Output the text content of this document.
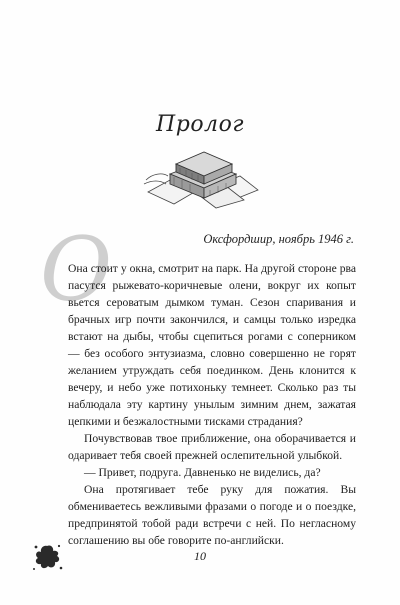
Пролог
О	Оксфордшир, ноябрь 1946 г.

Она стоит у окна, смотрит на парк. На другой стороне рва пасутся рыжевато-коричневые олени, вокруг их копыт вьется сероватым дымком туман. Сезон спаривания и брачных игр почти закончился, и самцы только изредка встают на дыбы, чтобы сцепиться рогами с соперником — без особого энтузиазма, словно совершенно не горят желанием утруждать себя поединком. День клонится к вечеру, и небо уже потихоньку темнеет. Сколько раз ты наблюдала эту картину унылым зимним днем, зажатая цепкими и безжалостными тисками страдания?

Почувствовав твое приближение, она оборачивается и одаривает тебя своей прежней ослепительной улыбкой.

— Привет, подруга. Давненько не виделись, да?

Она протягивает тебе руку для пожатия. Вы обмениваетесь вежливыми фразами о погоде и о поездке, предпринятой тобой ради встречи с ней. По негласному соглашению вы обе говорите по-английски.

10
